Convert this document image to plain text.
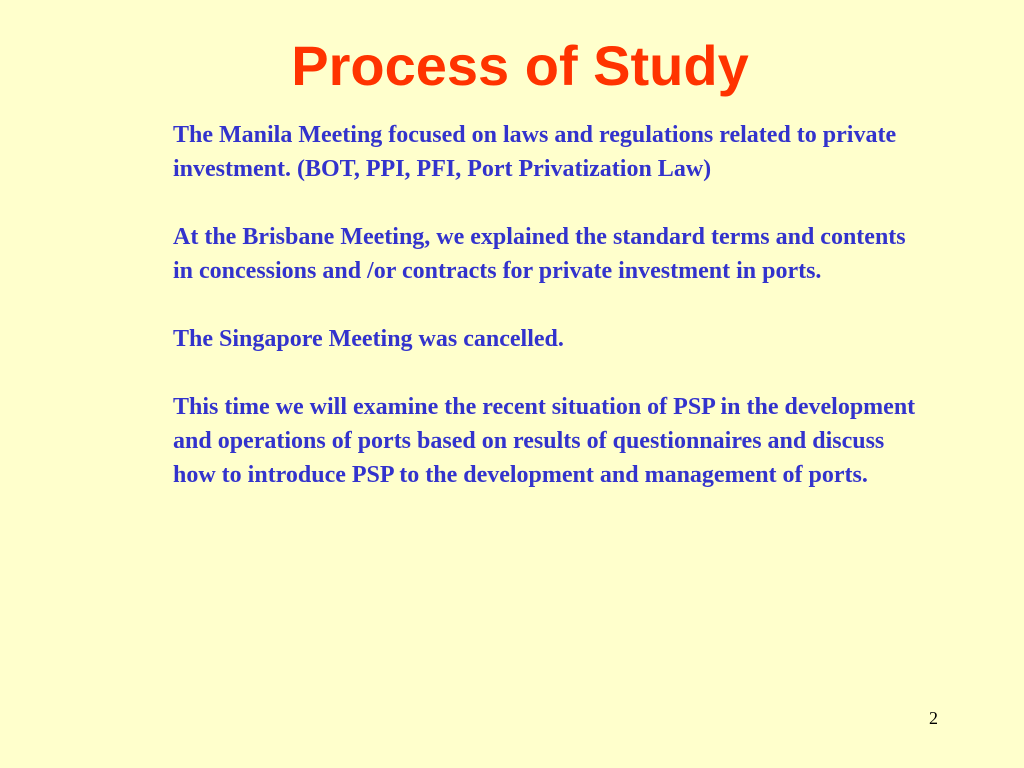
Process of Study

The Manila Meeting focused on laws and regulations related to private investment. (BOT, PPI, PFI, Port Privatization Law)

At the Brisbane Meeting, we explained the standard terms and contents in concessions and /or contracts for private investment in ports.

The Singapore Meeting was cancelled.

This time we will examine the recent situation of PSP in the development and operations of ports based on results of questionnaires and discuss how to introduce PSP to the development and management of ports.

2
